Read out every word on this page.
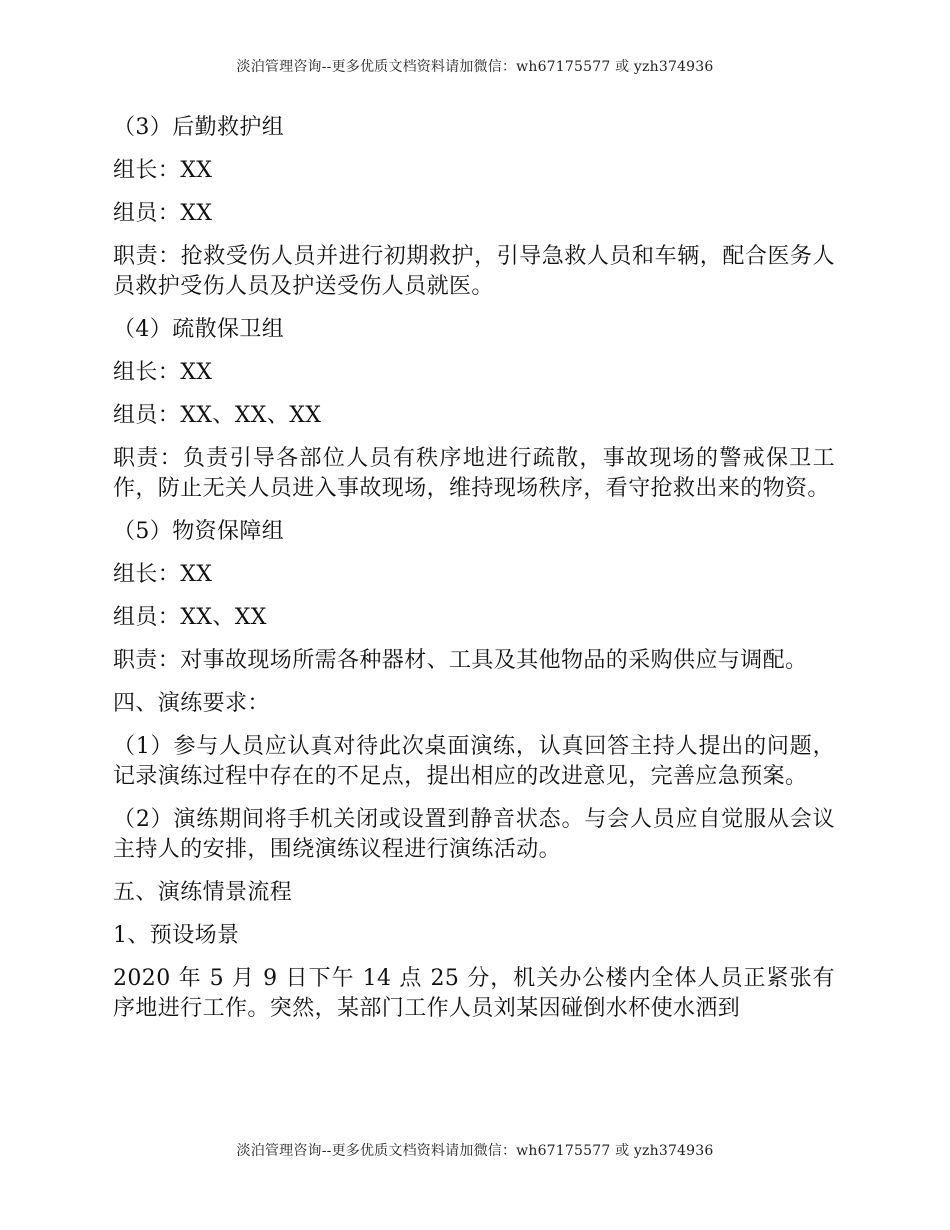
淡泊管理咨询--更多优质文档资料请加微信：wh67175577 或 yzh374936

（3）后勤救护组

组长：XX

组员：XX

职责：抢救受伤人员并进行初期救护，引导急救人员和车辆，配合医务人员救护受伤人员及护送受伤人员就医。

（4）疏散保卫组

组长：XX

组员：XX、XX、XX

职责：负责引导各部位人员有秩序地进行疏散，事故现场的警戒保卫工作，防止无关人员进入事故现场，维持现场秩序，看守抢救出来的物资。

（5）物资保障组

组长：XX

组员：XX、XX

职责：对事故现场所需各种器材、工具及其他物品的采购供应与调配。

四、演练要求：

（1）参与人员应认真对待此次桌面演练，认真回答主持人提出的问题，记录演练过程中存在的不足点，提出相应的改进意见，完善应急预案。

（2）演练期间将手机关闭或设置到静音状态。与会人员应自觉服从会议主持人的安排，围绕演练议程进行演练活动。

五、演练情景流程

1、预设场景

2020 年 5 月 9 日下午 14 点 25 分，机关办公楼内全体人员正紧张有序地进行工作。突然，某部门工作人员刘某因碰倒水杯使水洒到

淡泊管理咨询--更多优质文档资料请加微信：wh67175577 或 yzh374936
